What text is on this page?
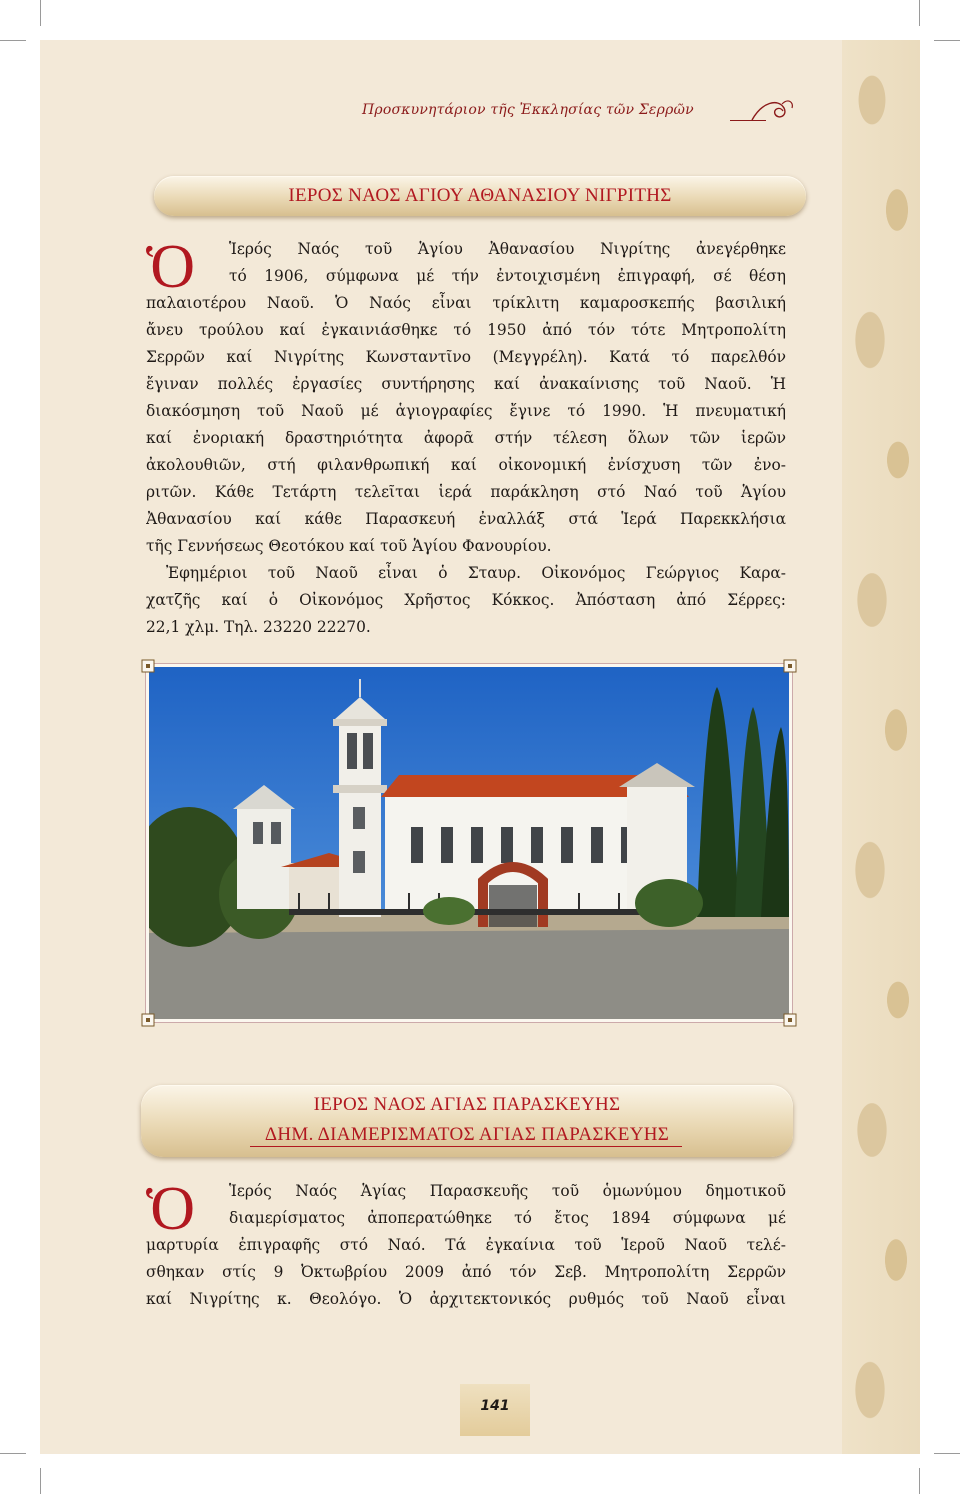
Προσκυνητάριον τῆς Ἐκκλησίας τῶν Σερρῶν
ΙΕΡΟΣ ΝΑΟΣ ΑΓΙΟΥ ΑΘΑΝΑΣΙΟΥ ΝΙΓΡΙΤΗΣ
Ὁ	Ἱερός Ναός τοῦ Ἁγίου Ἀθανασίου Νιγρίτης ἀνεγέρθηκε
τό 1906, σύμφωνα μέ τήν ἐντοιχισμένη ἐπιγραφή, σέ θέση
παλαιοτέρου Ναοῦ. Ὁ Ναός εἶναι τρίκλιτη καμαροσκεπής βασιλική
ἄνευ τρούλου καί ἐγκαινιάσθηκε τό 1950 ἀπό τόν τότε Μητροπολίτη
Σερρῶν καί Νιγρίτης Κωνσταντῖνο (Μεγγρέλη). Κατά τό παρελθόν
ἔγιναν πολλές ἐργασίες συντήρησης καί ἀνακαίνισης τοῦ Ναοῦ. Ἡ
διακόσμηση τοῦ Ναοῦ μέ ἁγιογραφίες ἔγινε τό 1990. Ἡ πνευματική
καί ἐνοριακή δραστηριότητα ἀφορᾶ στήν τέλεση ὅλων τῶν ἱερῶν
ἀκολουθιῶν, στή φιλανθρωπική καί οἰκονομική ἐνίσχυση τῶν ἐνο-
ριτῶν. Κάθε Τετάρτη τελεῖται ἱερά παράκληση στό Ναό τοῦ Ἁγίου
Ἀθανασίου καί κάθε Παρασκευή ἐναλλάξ στά Ἱερά Παρεκκλήσια
τῆς Γεννήσεως Θεοτόκου καί τοῦ Ἁγίου Φανουρίου.
Ἐφημέριοι τοῦ Ναοῦ εἶναι ὁ Σταυρ. Οἰκονόμος Γεώργιος Καρα-
χατζῆς καί ὁ Οἰκονόμος Χρῆστος Κόκκος. Ἀπόσταση ἀπό Σέρρες:
22,1 χλμ. Τηλ. 23220 22270.
ΙΕΡΟΣ ΝΑΟΣ ΑΓΙΑΣ ΠΑΡΑΣΚΕΥΗΣ
ΔΗΜ. ΔΙΑΜΕΡΙΣΜΑΤΟΣ ΑΓΙΑΣ ΠΑΡΑΣΚΕΥΗΣ
Ὁ	Ἱερός Ναός Ἁγίας Παρασκευῆς τοῦ ὁμωνύμου δημοτικοῦ
διαμερίσματος ἀποπερατώθηκε τό ἔτος 1894 σύμφωνα μέ
μαρτυρία ἐπιγραφῆς στό Ναό. Τά ἐγκαίνια τοῦ Ἱεροῦ Ναοῦ τελέ-
σθηκαν στίς 9 Ὀκτωβρίου 2009 ἀπό τόν Σεβ. Μητροπολίτη Σερρῶν
καί Νιγρίτης κ. Θεολόγο. Ὁ ἀρχιτεκτονικός ρυθμός τοῦ Ναοῦ εἶναι
141
